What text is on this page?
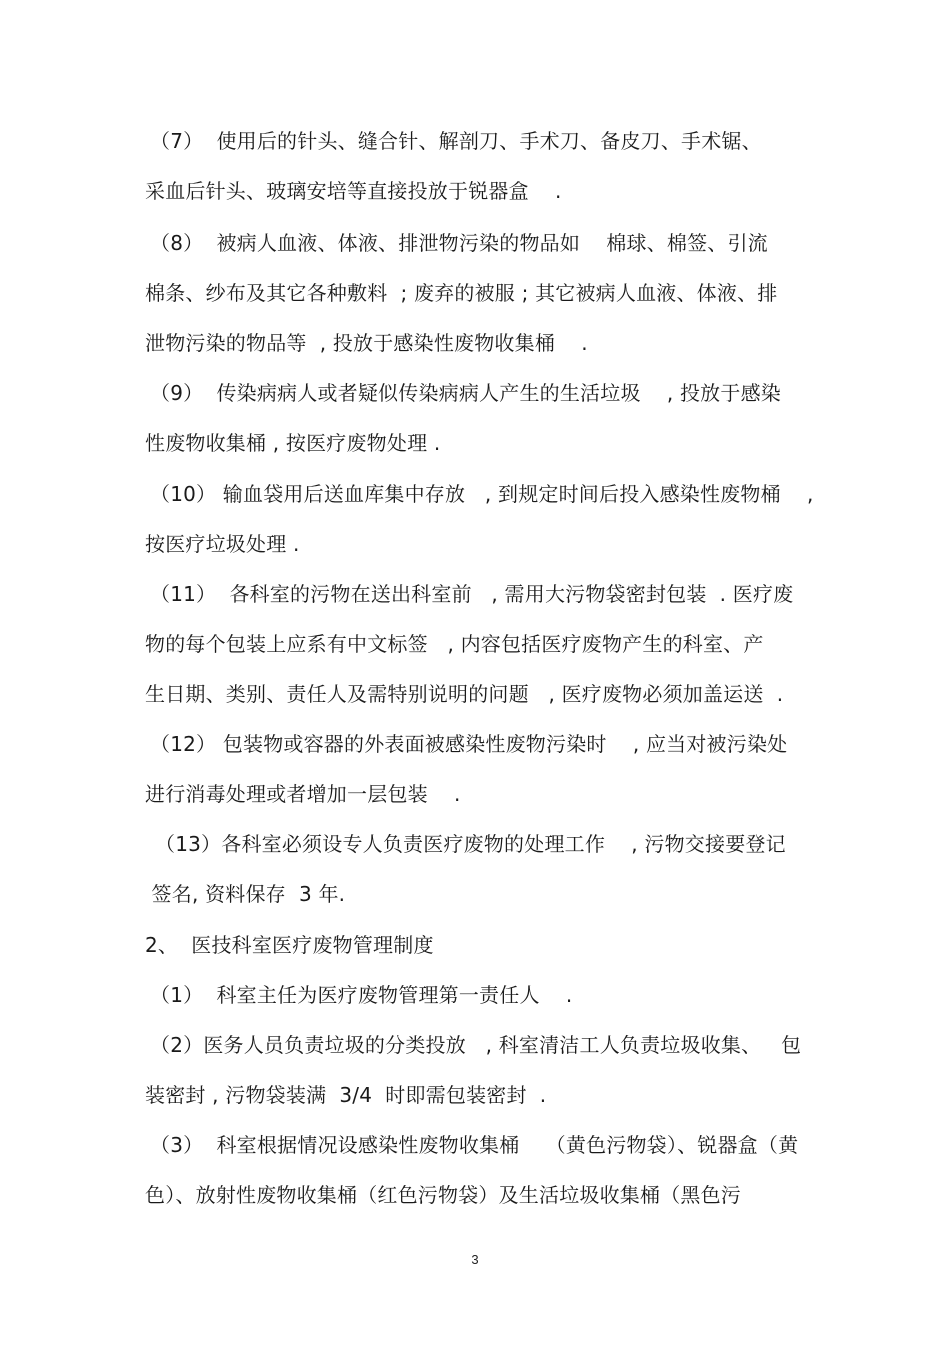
（7）  使用后的针头、缝合针、解剖刀、手术刀、备皮刀、手术锯、
采血后针头、玻璃安培等直接投放于锐器盒    .
（8）  被病人血液、体液、排泄物污染的物品如    棉球、棉签、引流
棉条、纱布及其它各种敷料  ; 废弃的被服 ; 其它被病人血液、体液、排
泄物污染的物品等  , 投放于感染性废物收集桶    .
（9）  传染病病人或者疑似传染病病人产生的生活垃圾    , 投放于感染
性废物收集桶 , 按医疗废物处理 .
（10） 输血袋用后送血库集中存放   , 到规定时间后投入感染性废物桶    ,
按医疗垃圾处理 .
（11）  各科室的污物在送出科室前   , 需用大污物袋密封包装  . 医疗废
物的每个包装上应系有中文标签   , 内容包括医疗废物产生的科室、产
生日期、类别、责任人及需特别说明的问题   , 医疗废物必须加盖运送  .
（12） 包装物或容器的外表面被感染性废物污染时    , 应当对被污染处
进行消毒处理或者增加一层包装    .
（13）各科室必须设专人负责医疗废物的处理工作    , 污物交接要登记
签名, 资料保存  3 年.
2、  医技科室医疗废物管理制度
（1）  科室主任为医疗废物管理第一责任人    .
（2）医务人员负责垃圾的分类投放   , 科室清洁工人负责垃圾收集、   包
装密封 , 污物袋装满  3/4  时即需包装密封  .
（3）  科室根据情况设感染性废物收集桶    （黄色污物袋）、锐器盒（黄
色）、放射性废物收集桶（红色污物袋）及生活垃圾收集桶（黑色污
3
